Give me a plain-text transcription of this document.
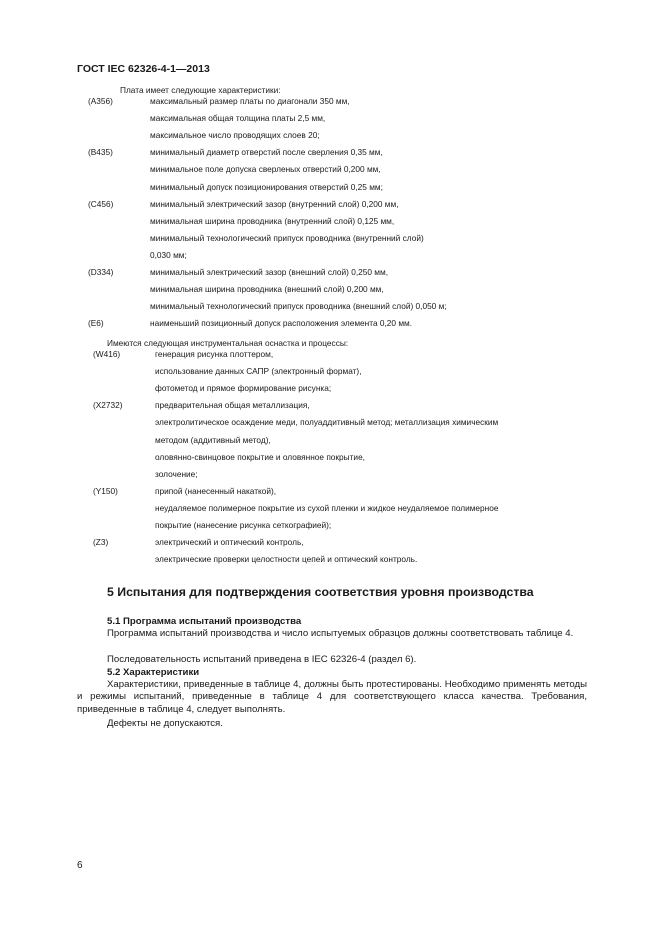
ГОСТ IEC 62326-4-1—2013
Плата имеет следующие характеристики:
(A356)	максимальный размер платы по диагонали 350 мм,
максимальная общая толщина платы 2,5 мм,
максимальное число проводящих слоев 20;
(B435)	минимальный диаметр отверстий после сверления 0,35 мм,
минимальное поле допуска сверленых отверстий 0,200 мм,
минимальный допуск позиционирования отверстий 0,25 мм;
(C456)	минимальный электрический зазор (внутренний слой) 0,200 мм,
минимальная ширина проводника (внутренний слой) 0,125 мм,
минимальный технологический припуск проводника (внутренний слой)
0,030 мм;
(D334)	минимальный электрический зазор (внешний слой) 0,250 мм,
минимальная ширина проводника (внешний слой) 0,200 мм,
минимальный технологический припуск проводника (внешний слой) 0,050 м;
(E6)	наименьший позиционный допуск расположения элемента 0,20 мм.
Имеются следующая инструментальная оснастка и процессы:
(W416)	генерация рисунка плоттером,
использование данных САПР (электронный формат),
фотометод и прямое формирование рисунка;
(X2732)	предварительная общая металлизация,
электролитическое осаждение меди, полуаддитивный метод; металлизация химическим
методом (аддитивный метод),
оловянно-свинцовое покрытие и оловянное покрытие,
золочение;
(Y150)	припой (нанесенный накаткой),
неудаляемое полимерное покрытие из сухой пленки и жидкое неудаляемое полимерное
покрытие (нанесение рисунка сеткографией);
(Z3)	электрический и оптический контроль,
электрические проверки целостности цепей и оптический контроль.
5 Испытания для подтверждения соответствия уровня производства
5.1 Программа испытаний производства
Программа испытаний производства и число испытуемых образцов должны соответствовать таблице 4.
Последовательность испытаний приведена в IEC 62326-4 (раздел 6).
5.2 Характеристики
Характеристики, приведенные в таблице 4, должны быть протестированы. Необходимо применять методы и режимы испытаний, приведенные в таблице 4 для соответствующего класса качества. Требования, приведенные в таблице 4, следует выполнять.
Дефекты не допускаются.
6
